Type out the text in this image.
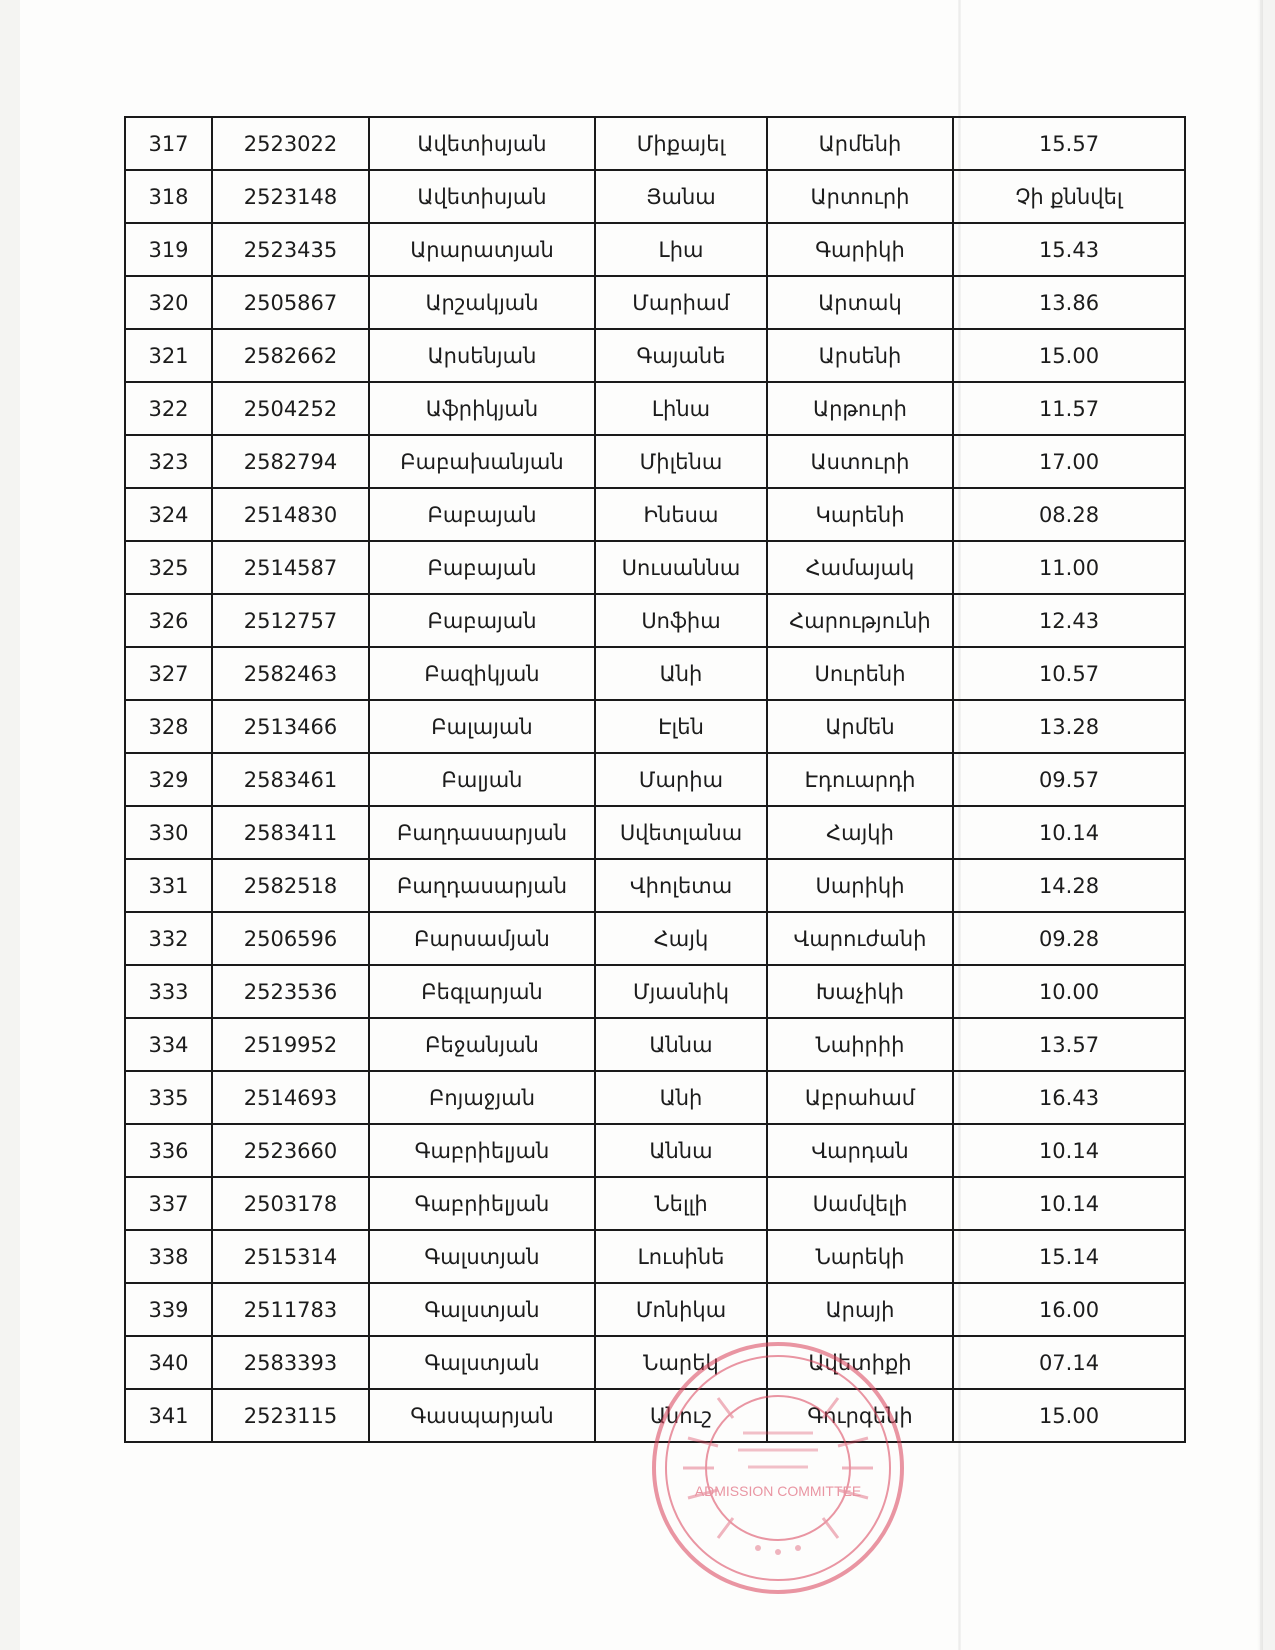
317	2523022	Ավետիսյան	Միքայել	Արմենի	15.57
318	2523148	Ավետիսյան	Յանա	Արտուրի	Չի քննվել
319	2523435	Արարատյան	Լիա	Գարիկի	15.43
320	2505867	Արշակյան	Մարիամ	Արտակ	13.86
321	2582662	Արսենյան	Գայանե	Արսենի	15.00
322	2504252	Աֆրիկյան	Լինա	Արթուրի	11.57
323	2582794	Բաբախանյան	Միլենա	Աստուրի	17.00
324	2514830	Բաբայան	Ինեսա	Կարենի	08.28
325	2514587	Բաբայան	Սուսաննա	Համայակ	11.00
326	2512757	Բաբայան	Սոֆիա	Հարությունի	12.43
327	2582463	Բազիկյան	Անի	Սուրենի	10.57
328	2513466	Բալայան	Էլեն	Արմեն	13.28
329	2583461	Բալյան	Մարիա	Էդուարդի	09.57
330	2583411	Բաղդասարյան	Սվետլանա	Հայկի	10.14
331	2582518	Բաղդասարյան	Վիոլետա	Սարիկի	14.28
332	2506596	Բարսամյան	Հայկ	Վարուժանի	09.28
333	2523536	Բեգլարյան	Մյասնիկ	Խաչիկի	10.00
334	2519952	Բեջանյան	Աննա	Նաիրիի	13.57
335	2514693	Բոյաջյան	Անի	Աբրահամ	16.43
336	2523660	Գաբրիելյան	Աննա	Վարդան	10.14
337	2503178	Գաբրիելյան	Նելլի	Սամվելի	10.14
338	2515314	Գալստյան	Լուսինե	Նարեկի	15.14
339	2511783	Գալստյան	Մոնիկա	Արայի	16.00
340	2583393	Գալստյան	Նարեկ	Ավետիքի	07.14
341	2523115	Գասպարյան	Անուշ	Գուրգենի	15.00
ADMISSION COMMITTEE
